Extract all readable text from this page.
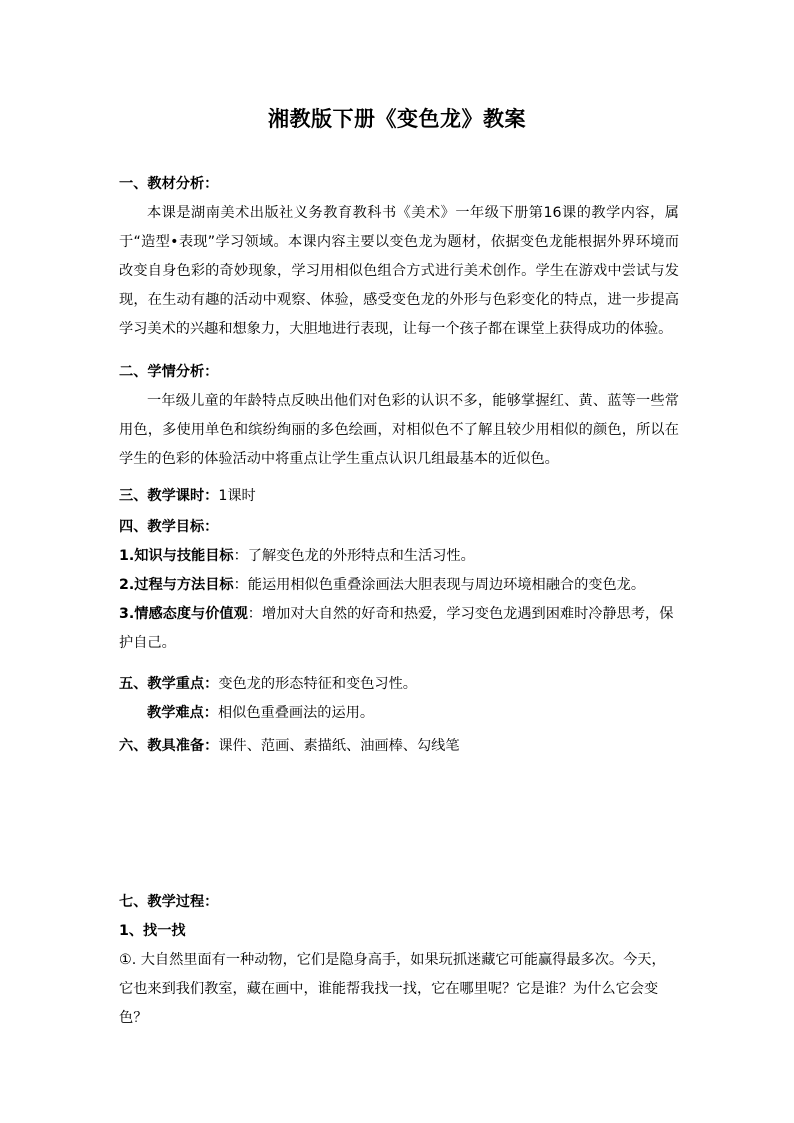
湘教版下册《变色龙》教案
一、教材分析：
本课是湖南美术出版社义务教育教科书《美术》一年级下册第16课的教学内容，属于“造型•表现”学习领域。本课内容主要以变色龙为题材，依据变色龙能根据外界环境而改变自身色彩的奇妙现象，学习用相似色组合方式进行美术创作。学生在游戏中尝试与发现，在生动有趣的活动中观察、体验，感受变色龙的外形与色彩变化的特点，进一步提高学习美术的兴趣和想象力，大胆地进行表现，让每一个孩子都在课堂上获得成功的体验。
二、学情分析：
一年级儿童的年龄特点反映出他们对色彩的认识不多，能够掌握红、黄、蓝等一些常用色，多使用单色和缤纷绚丽的多色绘画，对相似色不了解且较少用相似的颜色，所以在学生的色彩的体验活动中将重点让学生重点认识几组最基本的近似色。
三、教学课时：1课时
四、教学目标：
1.知识与技能目标：了解变色龙的外形特点和生活习性。
2.过程与方法目标：能运用相似色重叠涂画法大胆表现与周边环境相融合的变色龙。
3.情感态度与价值观：增加对大自然的好奇和热爱，学习变色龙遇到困难时冷静思考，保护自己。
五、教学重点：变色龙的形态特征和变色习性。
教学难点：相似色重叠画法的运用。
六、教具准备：课件、范画、素描纸、油画棒、勾线笔
七、教学过程：
1、找一找
①. 大自然里面有一种动物，它们是隐身高手，如果玩抓迷藏它可能赢得最多次。今天，它也来到我们教室，藏在画中，谁能帮我找一找，它在哪里呢？它是谁？为什么它会变色？
